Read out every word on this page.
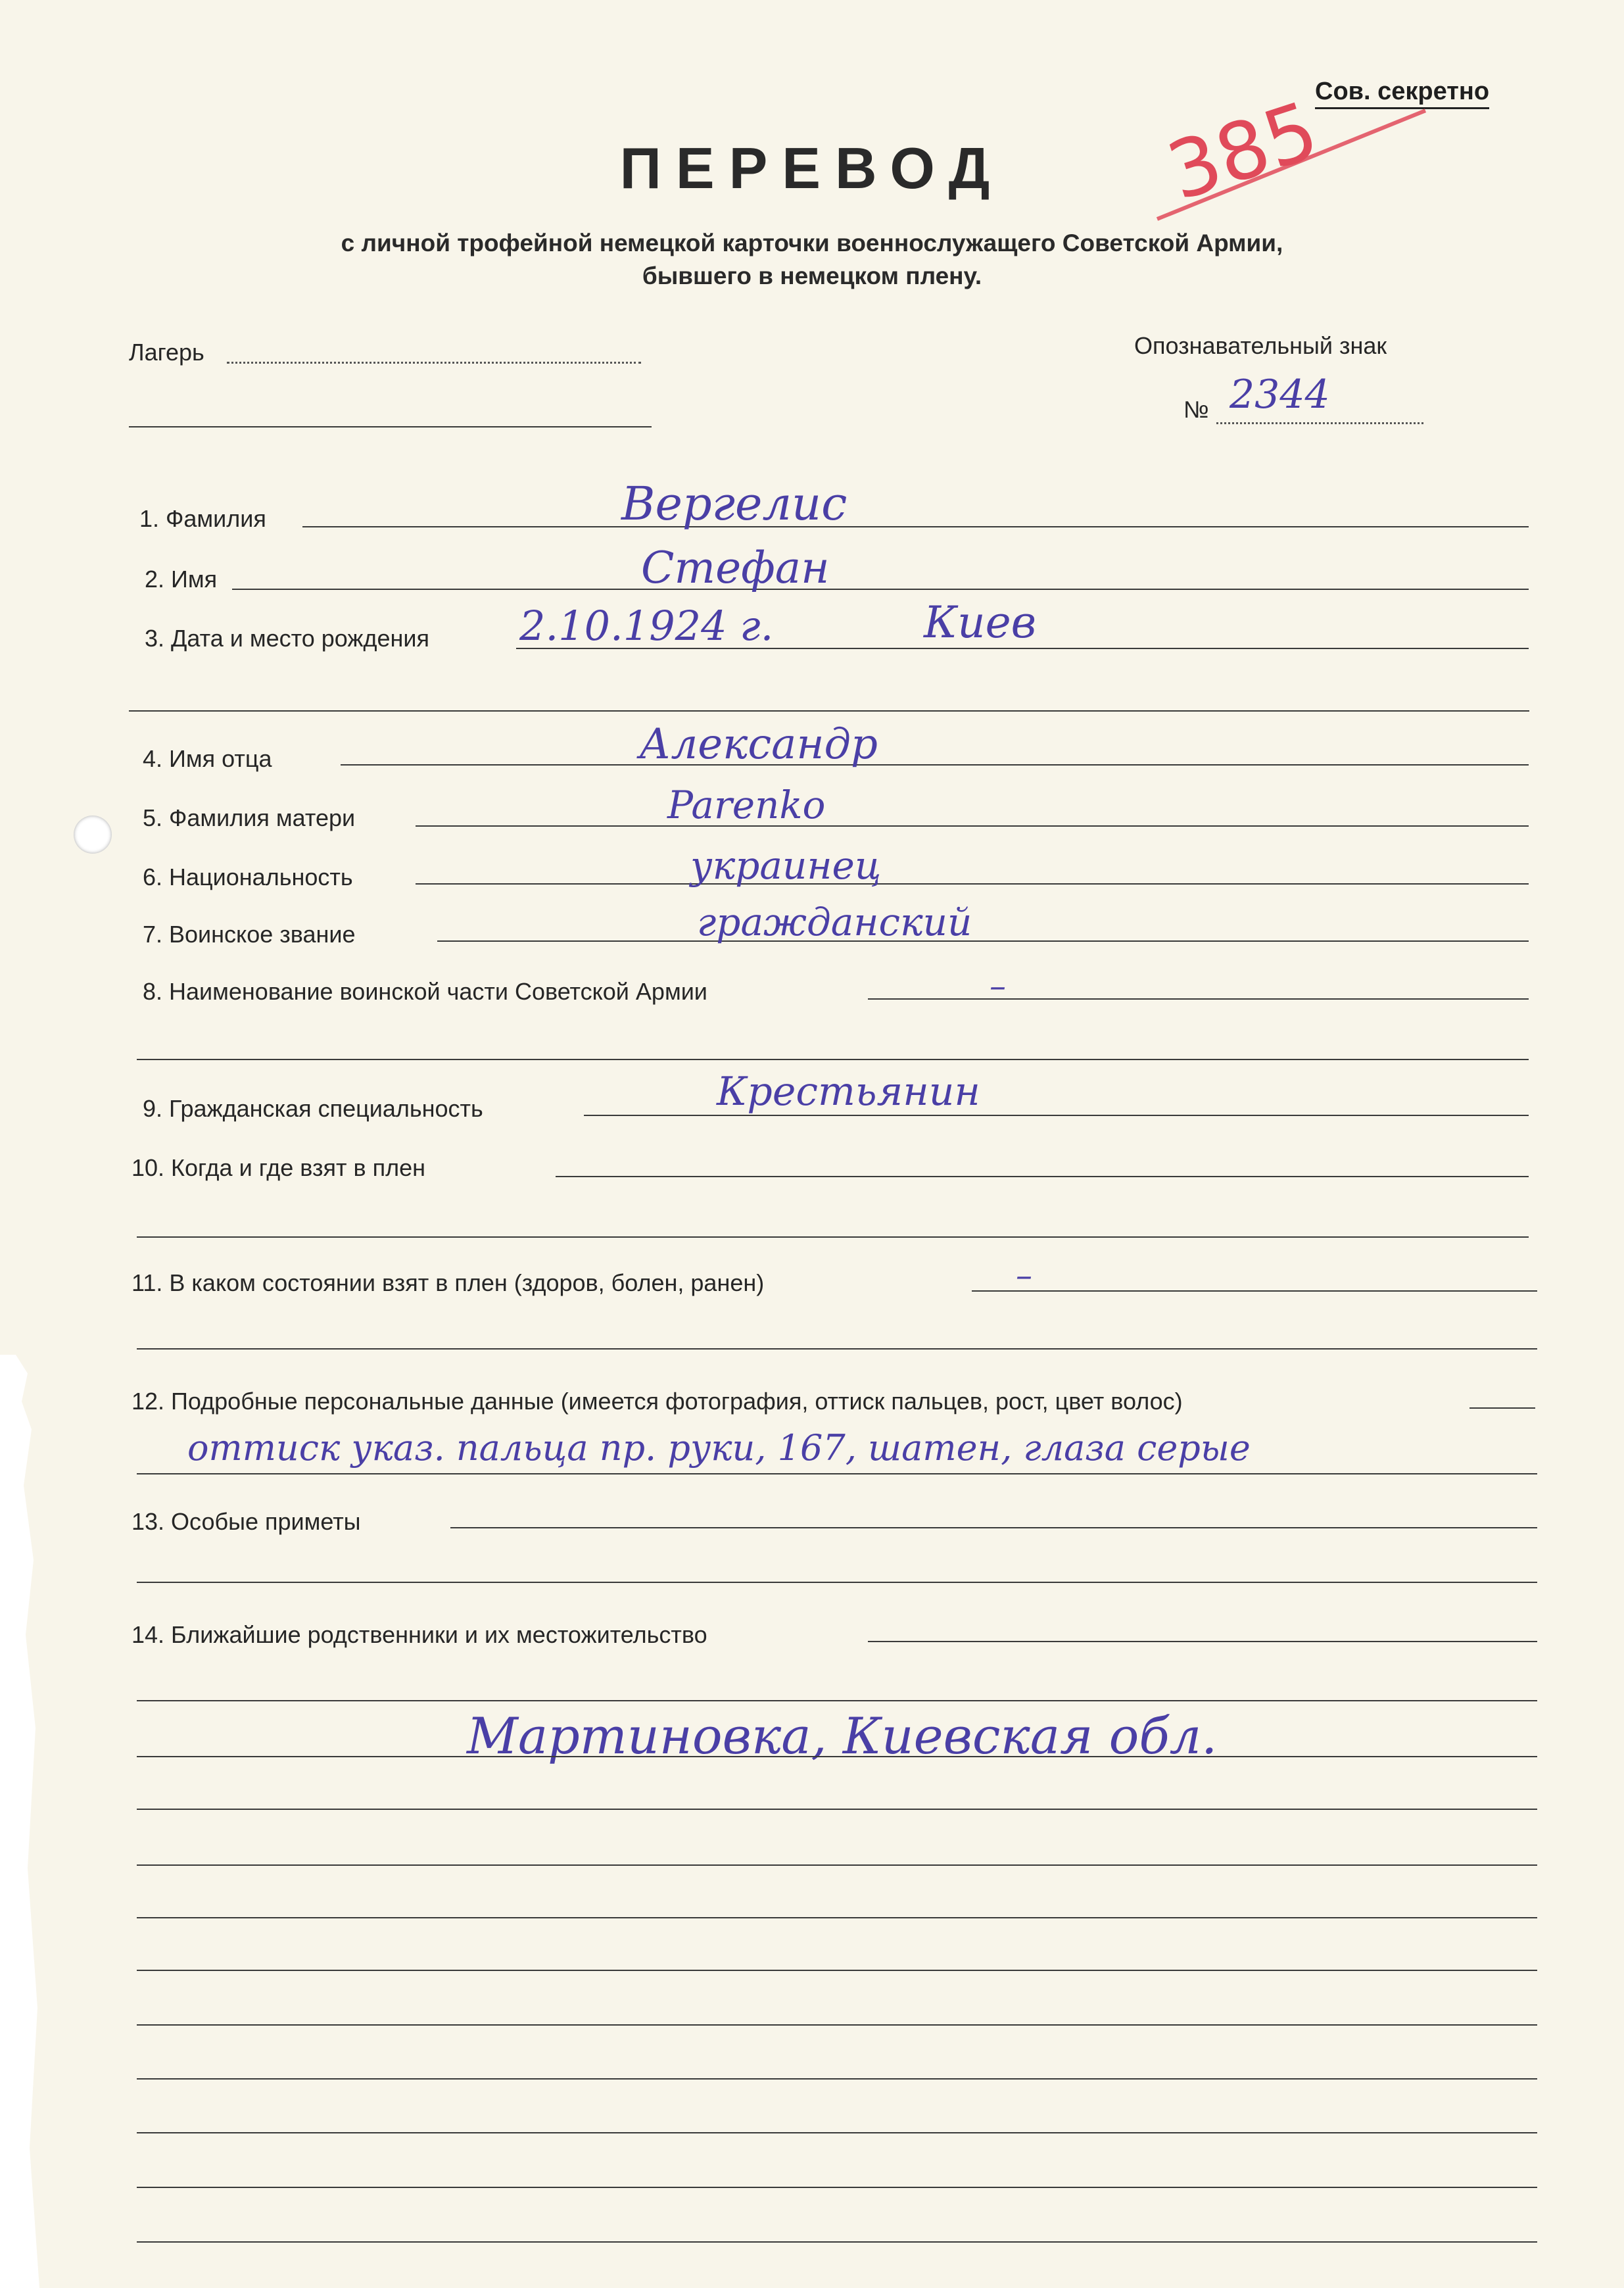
Сов. секретно
385
ПЕРЕВОД
с личной трофейной немецкой карточки военнослужащего Советской Армии,
бывшего в немецком плену.
Лагерь	Опознавательный знак
№ 2344
1. Фамилия	Вергелис
2. Имя	Стефан
3. Дата и место рождения 2.10.1924 г.	Киев
4. Имя отца	Александр
5. Фамилия матери	Parenko
6. Национальность	украинец
7. Воинское звание	гражданский
8. Наименование воинской части Советской Армии	–
9. Гражданская специальность	Крестьянин
10. Когда и где взят в плен
11. В каком состоянии взят в плен (здоров, болен, ранен)	–
12. Подробные персональные данные (имеется фотография, оттиск пальцев, рост, цвет волос)
оттиск указ. пальца пр. руки, 167, шатен, глаза серые
13. Особые приметы
14. Ближайшие родственники и их местожительство
Мартиновка, Киевская обл.
